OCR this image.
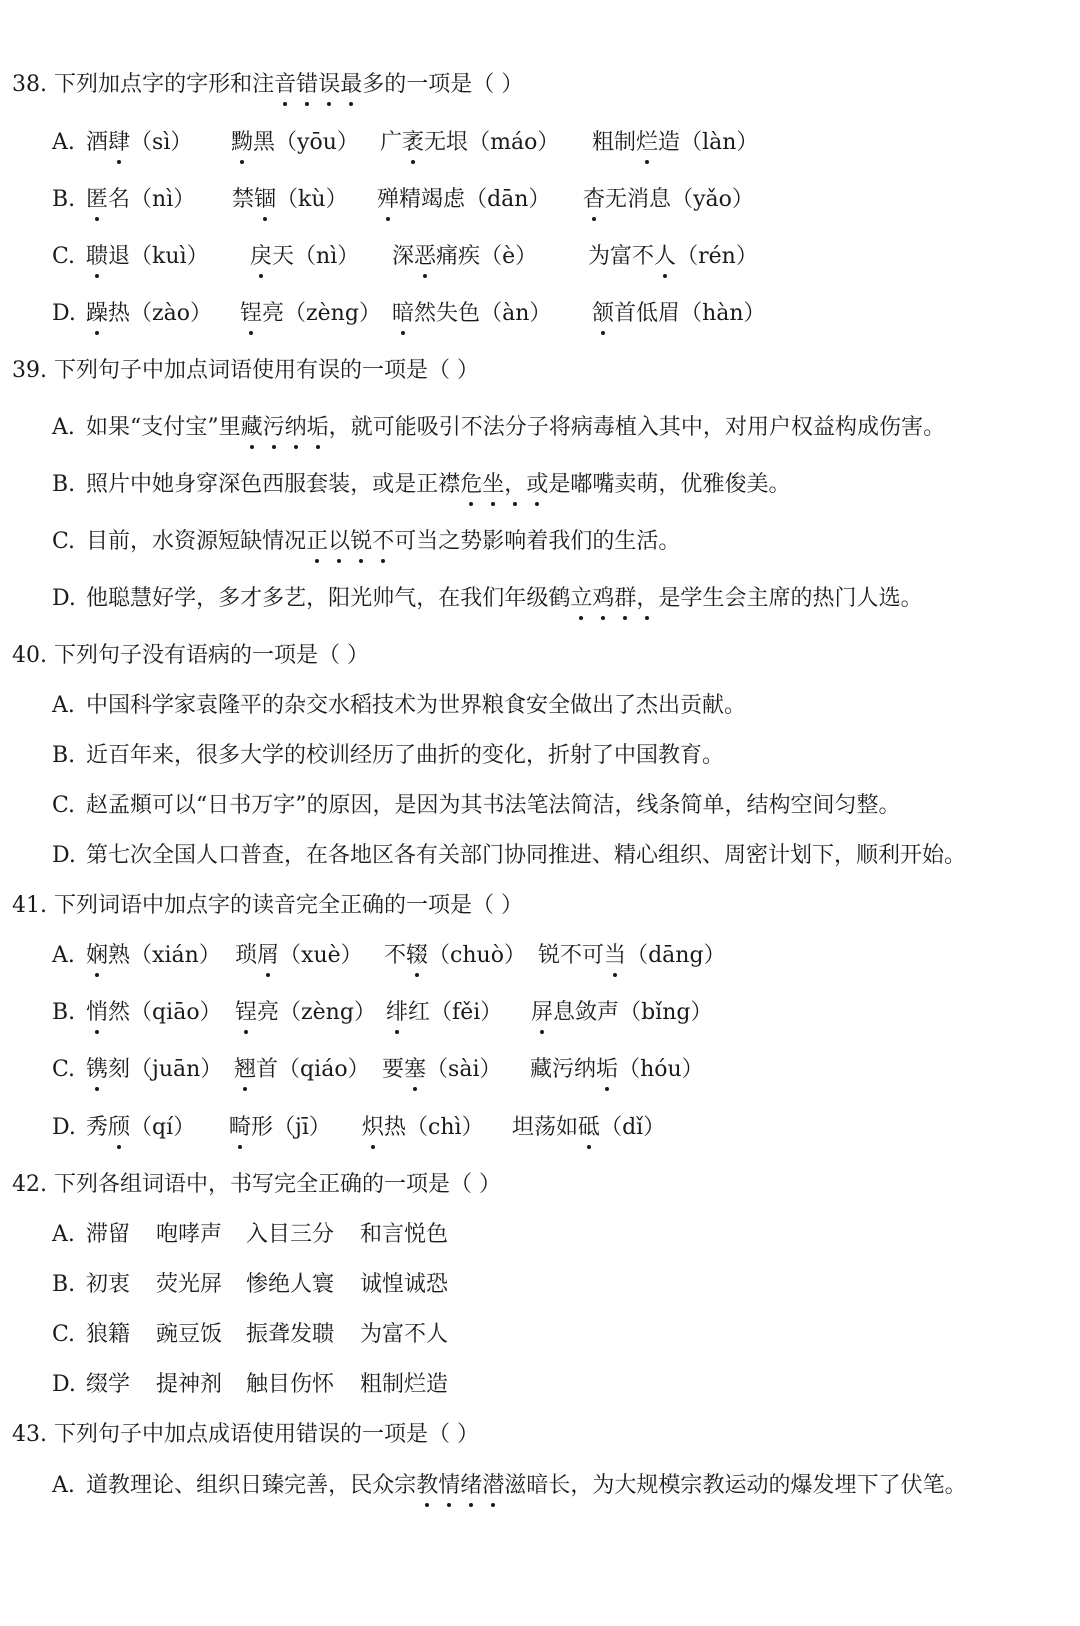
38. 下列加点字的字形和注音错误最多的一项是（ ）
A. 酒肆（sì） 黝黑（yōu） 广袤无垠（máo） 粗制烂造（làn）
B. 匿名（nì） 禁锢（kù） 殚精竭虑（dān） 杳无消息（yǎo）
C. 聩退（kuì） 戾天（nì） 深恶痛疾（è） 为富不人（rén）
D. 躁热（zào） 锃亮（zèng） 暗然失色（àn） 颔首低眉（hàn）
39. 下列句子中加点词语使用有误的一项是（ ）
A. 如果“支付宝”里藏污纳垢，就可能吸引不法分子将病毒植入其中，对用户权益构成伤害。
B. 照片中她身穿深色西服套装，或是正襟危坐，或是嘟嘴卖萌，优雅俊美。
C. 目前，水资源短缺情况正以锐不可当之势影响着我们的生活。
D. 他聪慧好学，多才多艺，阳光帅气，在我们年级鹤立鸡群，是学生会主席的热门人选。
40. 下列句子没有语病的一项是（ ）
A. 中国科学家袁隆平的杂交水稻技术为世界粮食安全做出了杰出贡献。
B. 近百年来，很多大学的校训经历了曲折的变化，折射了中国教育。
C. 赵孟頫可以“日书万字”的原因，是因为其书法笔法简洁，线条简单，结构空间匀整。
D. 第七次全国人口普查，在各地区各有关部门协同推进、精心组织、周密计划下，顺利开始。
41. 下列词语中加点字的读音完全正确的一项是（ ）
A. 娴熟（xián） 琐屑（xuè） 不辍（chuò） 锐不可当（dāng）
B. 悄然（qiāo） 锃亮（zèng） 绯红（fěi） 屏息敛声（bǐng）
C. 镌刻（juān） 翘首（qiáo） 要塞（sài） 藏污纳垢（hóu）
D. 秀颀（qí） 畸形（jī） 炽热（chì） 坦荡如砥（dǐ）
42. 下列各组词语中，书写完全正确的一项是（ ）
A. 滞留 咆哮声 入目三分 和言悦色
B. 初衷 荧光屏 惨绝人寰 诚惶诚恐
C. 狼籍 豌豆饭 振聋发聩 为富不人
D. 缀学 提神剂 触目伤怀 粗制烂造
43. 下列句子中加点成语使用错误的一项是（ ）
A. 道教理论、组织日臻完善，民众宗教情绪潜滋暗长，为大规模宗教运动的爆发埋下了伏笔。
